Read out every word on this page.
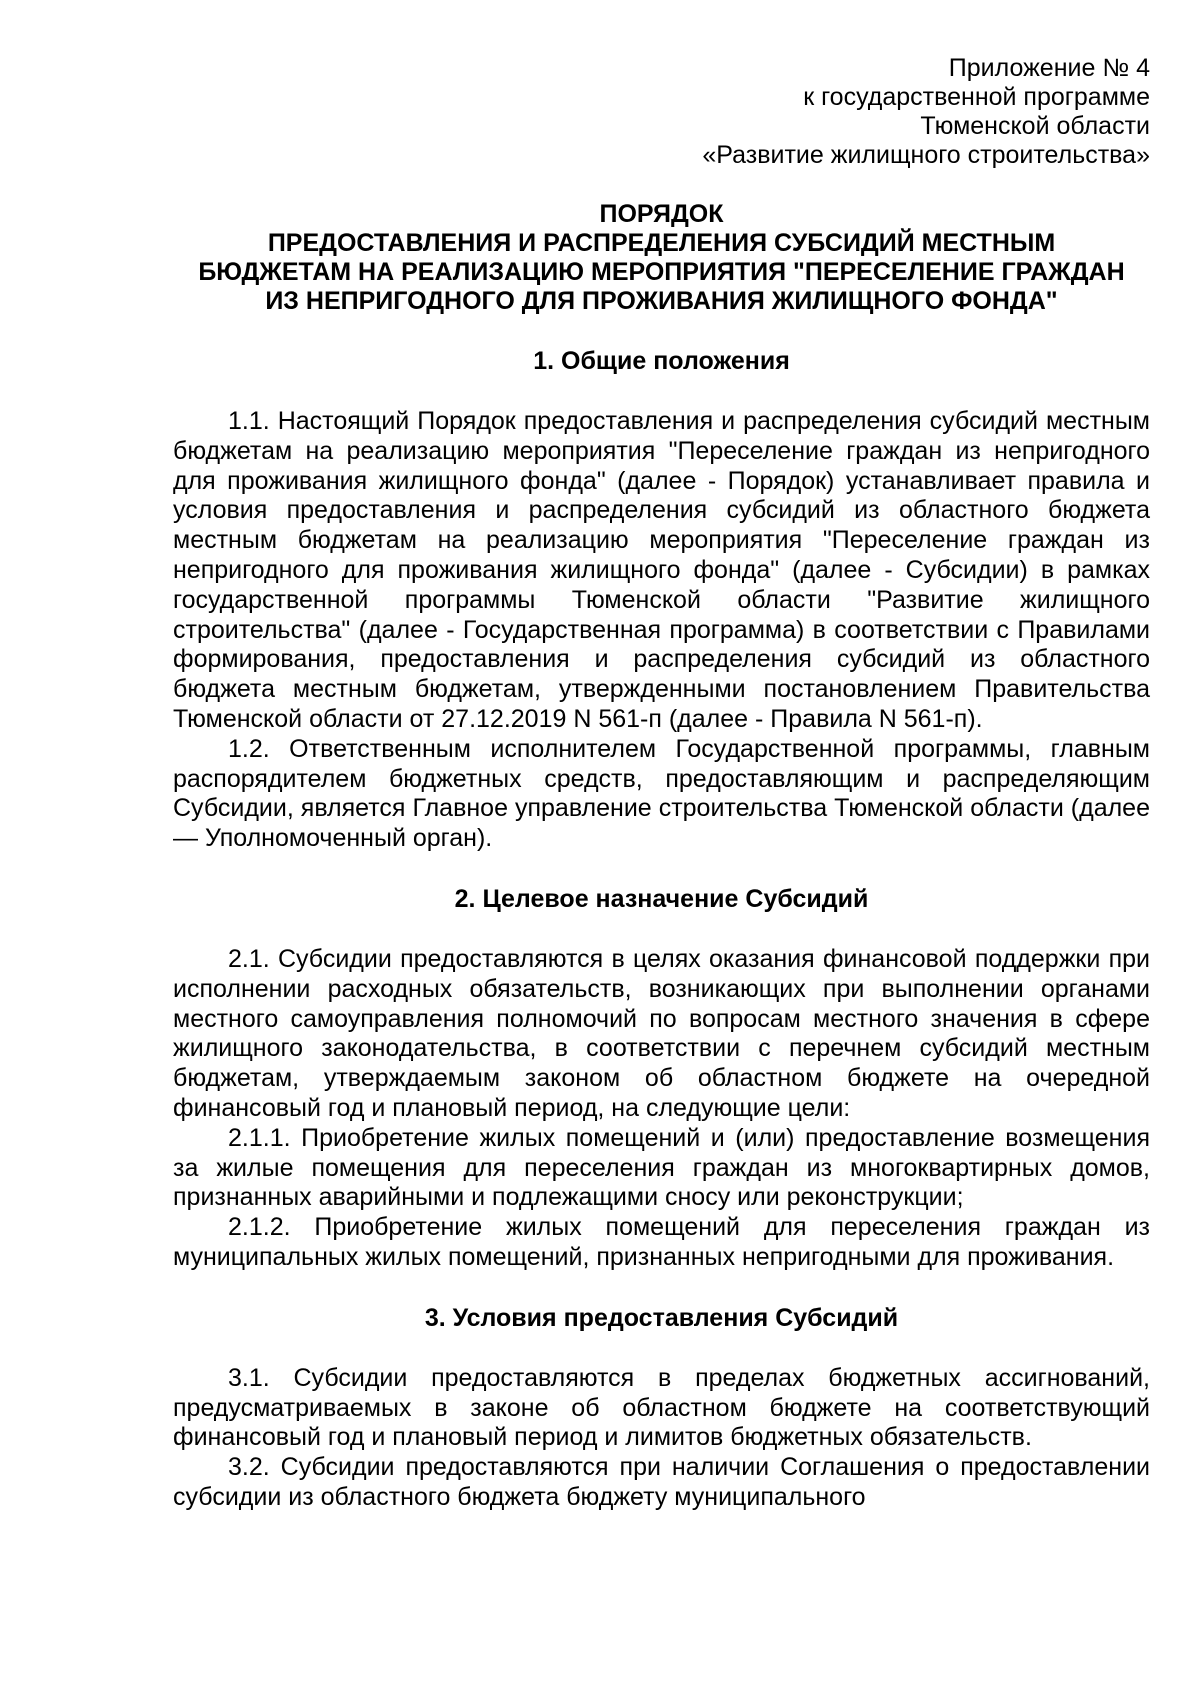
Приложение № 4
к государственной программе
Тюменской области
«Развитие жилищного строительства»
ПОРЯДОК
ПРЕДОСТАВЛЕНИЯ И РАСПРЕДЕЛЕНИЯ СУБСИДИЙ МЕСТНЫМ
БЮДЖЕТАМ НА РЕАЛИЗАЦИЮ МЕРОПРИЯТИЯ "ПЕРЕСЕЛЕНИЕ ГРАЖДАН
ИЗ НЕПРИГОДНОГО ДЛЯ ПРОЖИВАНИЯ ЖИЛИЩНОГО ФОНДА"
1. Общие положения

1.1. Настоящий Порядок предоставления и распределения субсидий местным бюджетам на реализацию мероприятия "Переселение граждан из непригодного для проживания жилищного фонда" (далее - Порядок) устанавливает правила и условия предоставления и распределения субсидий из областного бюджета местным бюджетам на реализацию мероприятия "Переселение граждан из непригодного для проживания жилищного фонда" (далее - Субсидии) в рамках государственной программы Тюменской области "Развитие жилищного строительства" (далее - Государственная программа) в соответствии с Правилами формирования, предоставления и распределения субсидий из областного бюджета местным бюджетам, утвержденными постановлением Правительства Тюменской области от 27.12.2019 N 561-п (далее - Правила N 561-п).

1.2. Ответственным исполнителем Государственной программы, главным распорядителем бюджетных средств, предоставляющим и распределяющим Субсидии, является Главное управление строительства Тюменской области (далее — Уполномоченный орган).

2. Целевое назначение Субсидий

2.1. Субсидии предоставляются в целях оказания финансовой поддержки при исполнении расходных обязательств, возникающих при выполнении органами местного самоуправления полномочий по вопросам местного значения в сфере жилищного законодательства, в соответствии с перечнем субсидий местным бюджетам, утверждаемым законом об областном бюджете на очередной финансовый год и плановый период, на следующие цели:

2.1.1. Приобретение жилых помещений и (или) предоставление возмещения за жилые помещения для переселения граждан из многоквартирных домов, признанных аварийными и подлежащими сносу или реконструкции;

2.1.2. Приобретение жилых помещений для переселения граждан из муниципальных жилых помещений, признанных непригодными для проживания.

3. Условия предоставления Субсидий

3.1. Субсидии предоставляются в пределах бюджетных ассигнований, предусматриваемых в законе об областном бюджете на соответствующий финансовый год и плановый период и лимитов бюджетных обязательств.

3.2. Субсидии предоставляются при наличии Соглашения о предоставлении субсидии из областного бюджета бюджету муниципального
